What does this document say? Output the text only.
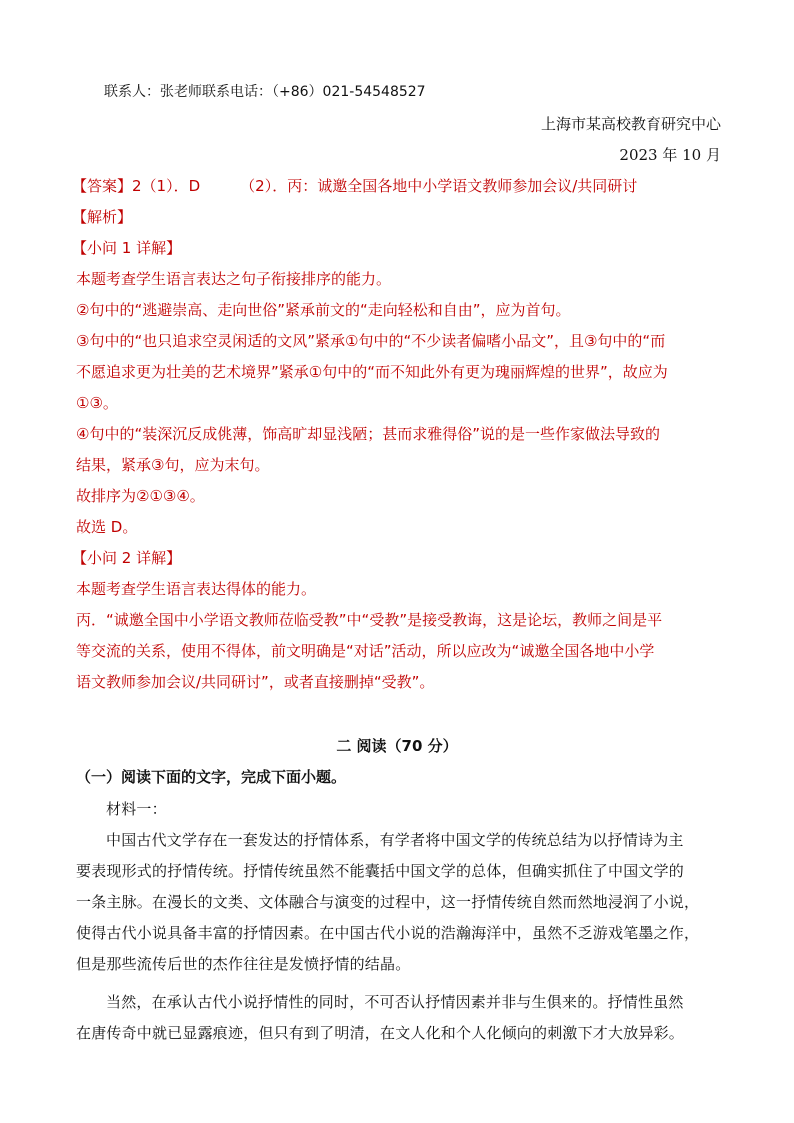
联系人：张老师联系电话：（+86）021-54548527
上海市某高校教育研究中心
2023 年 10 月
【答案】2（1）．D	（2）．丙：诚邀全国各地中小学语文教师参加会议/共同研讨
【解析】
【小问 1 详解】
本题考查学生语言表达之句子衔接排序的能力。
②句中的“逃避崇高、走向世俗”紧承前文的“走向轻松和自由”，应为首句。
③句中的“也只追求空灵闲适的文风”紧承①句中的“不少读者偏嗜小品文”，且③句中的“而
不愿追求更为壮美的艺术境界”紧承①句中的“而不知此外有更为瑰丽辉煌的世界”，故应为
①③。
④句中的“装深沉反成佻薄，饰高旷却显浅陋；甚而求雅得俗”说的是一些作家做法导致的
结果，紧承③句，应为末句。
故排序为②①③④。
故选 D。
【小问 2 详解】
本题考查学生语言表达得体的能力。
丙．“诚邀全国中小学语文教师莅临受教”中“受教”是接受教诲，这是论坛，教师之间是平
等交流的关系，使用不得体，前文明确是“对话”活动，所以应改为“诚邀全国各地中小学
语文教师参加会议/共同研讨”，或者直接删掉“受教”。
二 阅读（70 分）
（一）阅读下面的文字，完成下面小题。
材料一：
中国古代文学存在一套发达的抒情体系，有学者将中国文学的传统总结为以抒情诗为主
要表现形式的抒情传统。抒情传统虽然不能囊括中国文学的总体，但确实抓住了中国文学的
一条主脉。在漫长的文类、文体融合与演变的过程中，这一抒情传统自然而然地浸润了小说，
使得古代小说具备丰富的抒情因素。在中国古代小说的浩瀚海洋中，虽然不乏游戏笔墨之作，
但是那些流传后世的杰作往往是发愤抒情的结晶。
当然，在承认古代小说抒情性的同时，不可否认抒情因素并非与生俱来的。抒情性虽然
在唐传奇中就已显露痕迹，但只有到了明清，在文人化和个人化倾向的刺激下才大放异彩。
